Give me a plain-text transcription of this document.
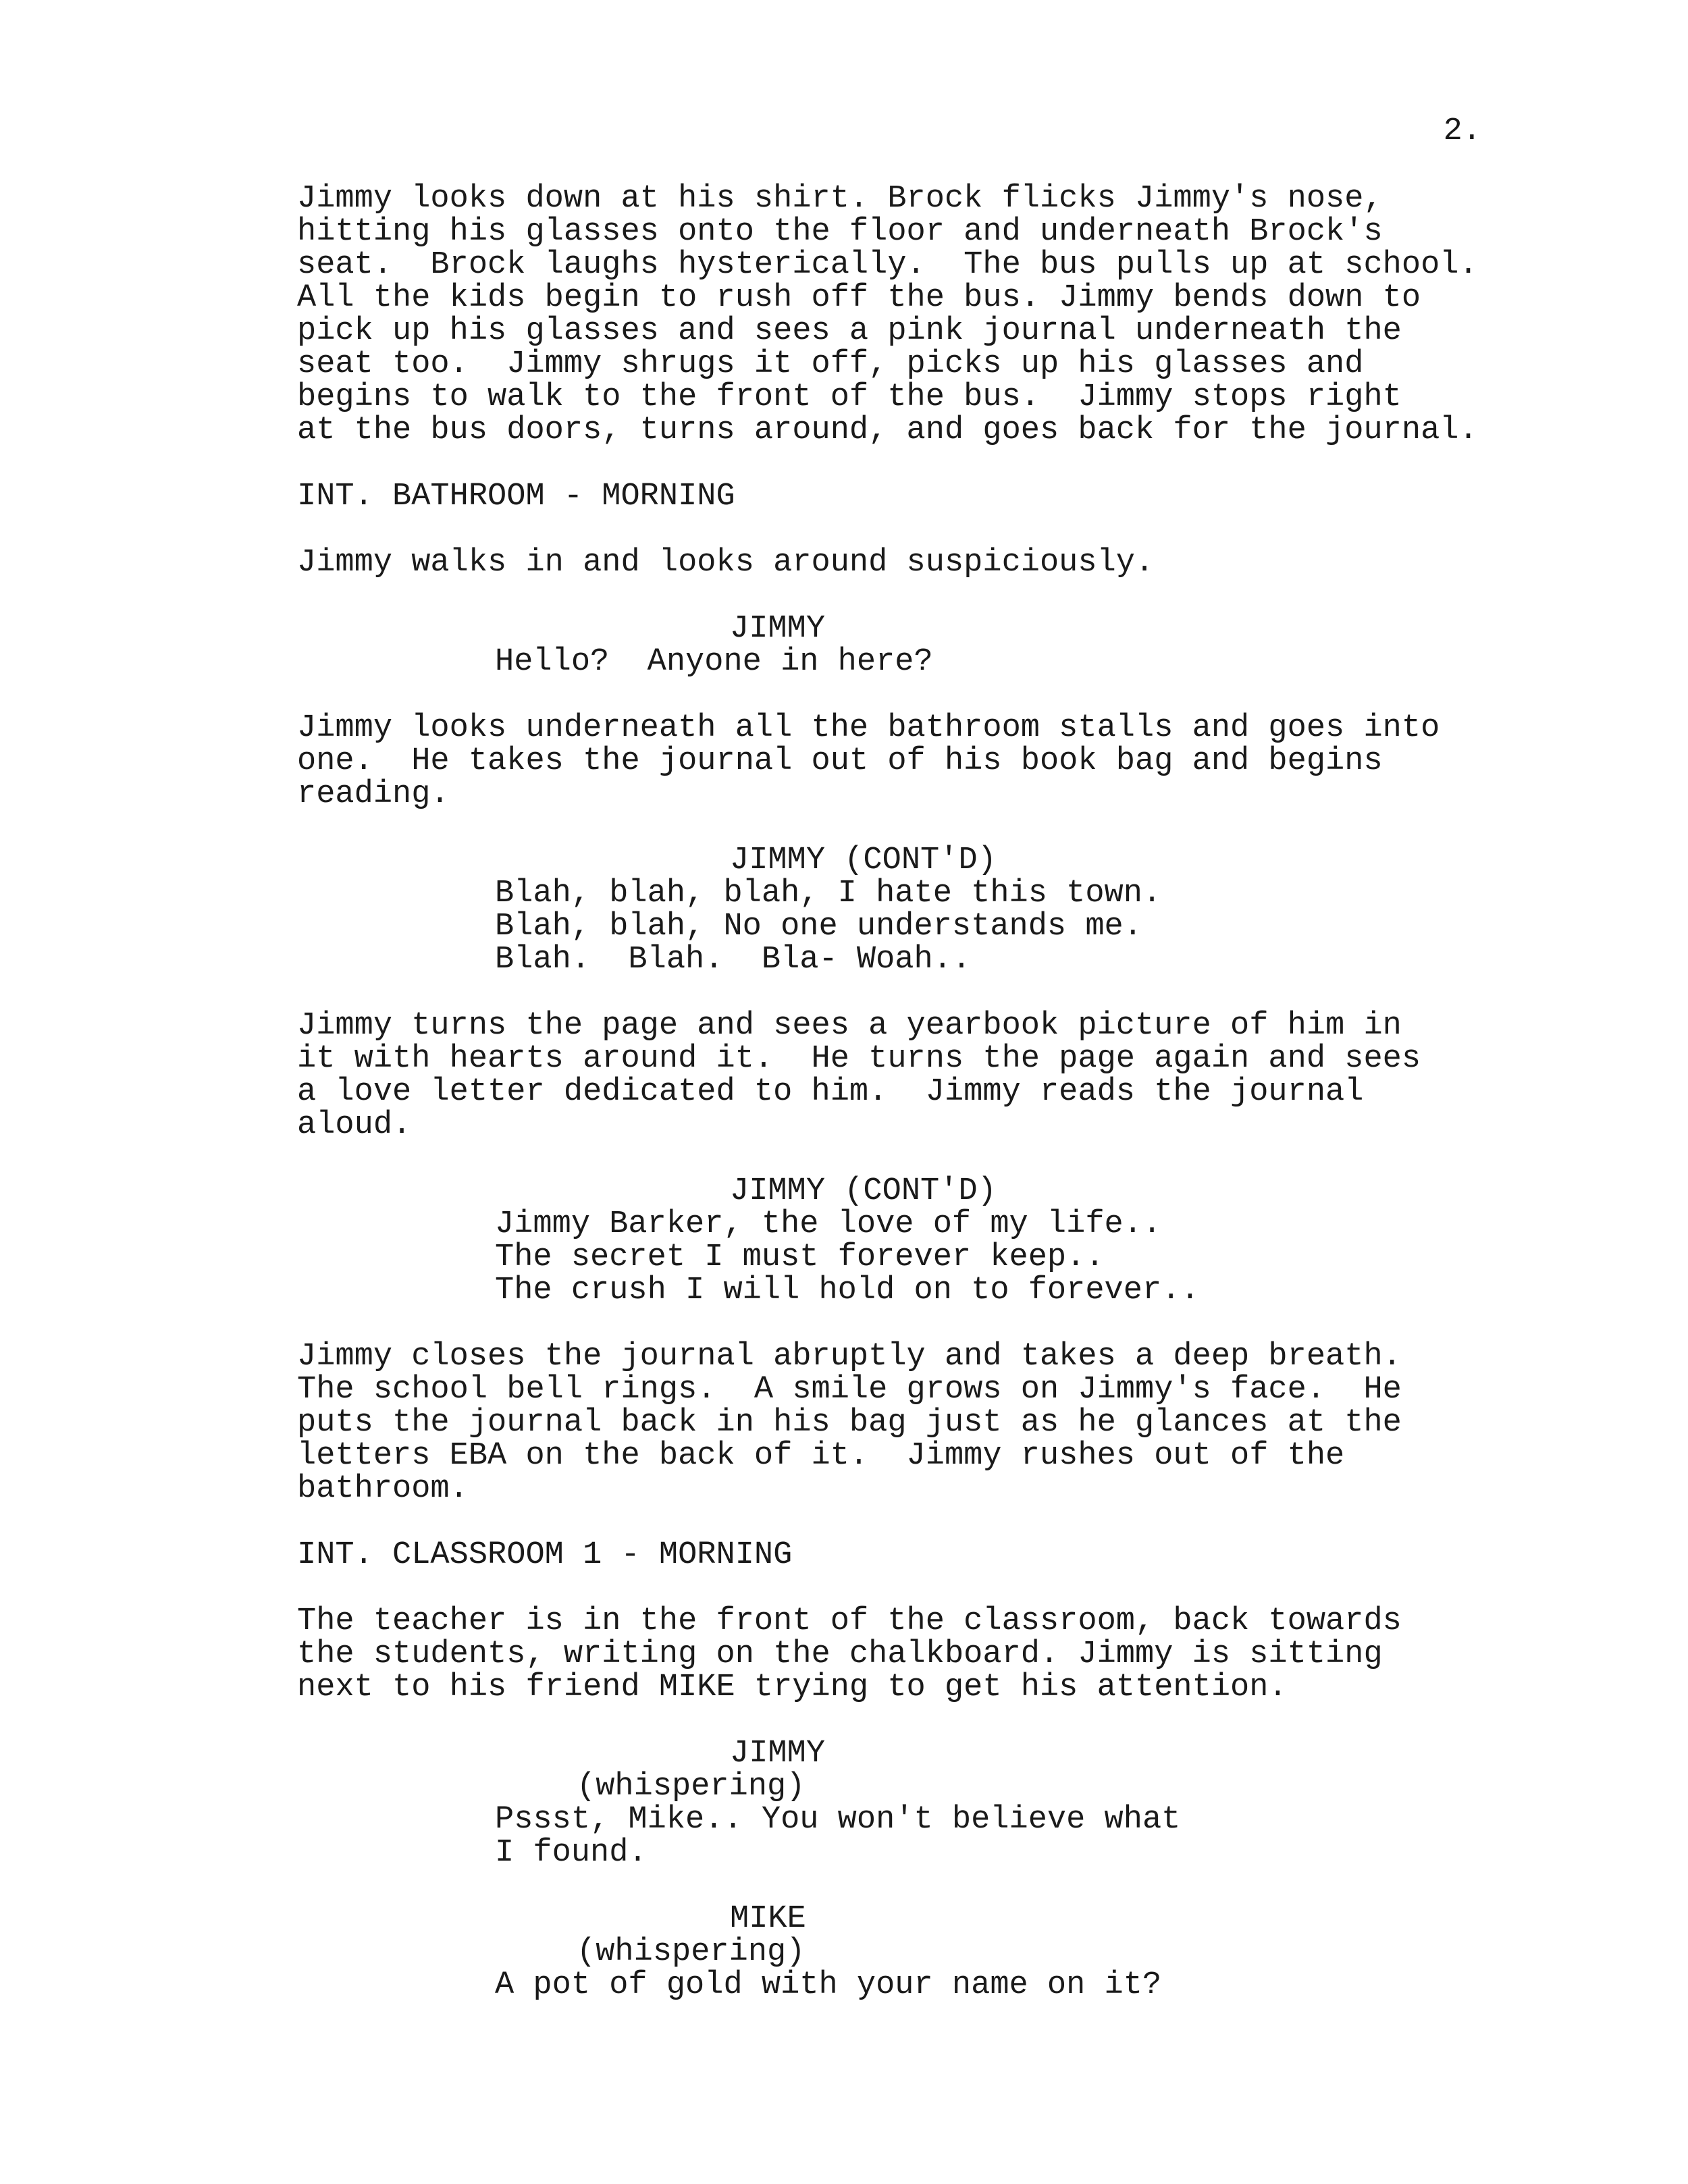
2.
Jimmy looks down at his shirt. Brock flicks Jimmy's nose,
hitting his glasses onto the floor and underneath Brock's
seat.  Brock laughs hysterically.  The bus pulls up at school.
All the kids begin to rush off the bus. Jimmy bends down to
pick up his glasses and sees a pink journal underneath the
seat too.  Jimmy shrugs it off, picks up his glasses and
begins to walk to the front of the bus.  Jimmy stops right
at the bus doors, turns around, and goes back for the journal.
INT. BATHROOM - MORNING
Jimmy walks in and looks around suspiciously.
JIMMY
Hello?  Anyone in here?
Jimmy looks underneath all the bathroom stalls and goes into
one.  He takes the journal out of his book bag and begins
reading.
JIMMY (CONT'D)
Blah, blah, blah, I hate this town.
Blah, blah, No one understands me.
Blah.  Blah.  Bla- Woah..
Jimmy turns the page and sees a yearbook picture of him in
it with hearts around it.  He turns the page again and sees
a love letter dedicated to him.  Jimmy reads the journal
aloud.
JIMMY (CONT'D)
Jimmy Barker, the love of my life..
The secret I must forever keep..
The crush I will hold on to forever..
Jimmy closes the journal abruptly and takes a deep breath.
The school bell rings.  A smile grows on Jimmy's face.  He
puts the journal back in his bag just as he glances at the
letters EBA on the back of it.  Jimmy rushes out of the
bathroom.
INT. CLASSROOM 1 - MORNING
The teacher is in the front of the classroom, back towards
the students, writing on the chalkboard. Jimmy is sitting
next to his friend MIKE trying to get his attention.
JIMMY
(whispering)
Pssst, Mike.. You won't believe what
I found.
MIKE
(whispering)
A pot of gold with your name on it?
